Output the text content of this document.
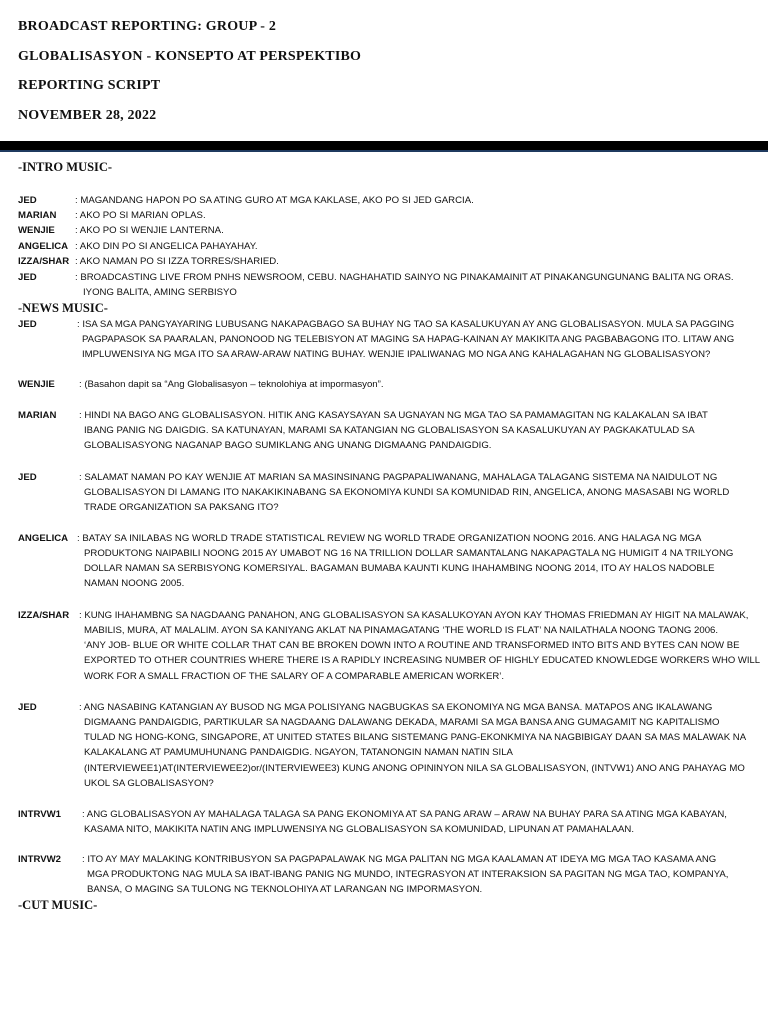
BROADCAST REPORTING: GROUP - 2
GLOBALISASYON - KONSEPTO AT PERSPEKTIBO
REPORTING SCRIPT
NOVEMBER 28, 2022
-INTRO MUSIC-
JED	: MAGANDANG HAPON PO SA ATING GURO AT MGA KAKLASE, AKO PO SI JED GARCIA.
MARIAN : AKO PO SI MARIAN OPLAS.
WENJIE : AKO PO SI WENJIE LANTERNA.
ANGELICA : AKO DIN PO SI ANGELICA PAHAYAHAY.
IZZA/SHAR : AKO NAMAN PO SI IZZA TORRES/SHARIED.
JED	: BROADCASTING LIVE FROM PNHS NEWSROOM, CEBU. NAGHAHATID SAINYO NG PINAKAMAINIT AT PINAKANGUNGUNANG BALITA NG ORAS.
IYONG BALITA, AMING SERBISYO
-NEWS MUSIC-
JED	: ISA SA MGA PANGYAYARING LUBUSANG NAKAPAGBAGO SA BUHAY NG TAO SA KASALUKUYAN AY ANG GLOBALISASYON. MULA SA PAGGING
PAGPAPASOK SA PAARALAN, PANONOOD NG TELEBISYON AT MAGING SA HAPAG-KAINAN AY MAKIKITA ANG PAGBABAGONG ITO. LITAW ANG
IMPLUWENSIYA NG MGA ITO SA ARAW-ARAW NATING BUHAY. WENJIE IPALIWANAG MO NGA ANG KAHALAGAHAN NG GLOBALISASYON?
WENJIE	: (Basahon dapit sa “Ang Globalisasyon – teknolohiya at impormasyon”.
MARIAN : HINDI NA BAGO ANG GLOBALISASYON. HITIK ANG KASAYSAYAN SA UGNAYAN NG MGA TAO SA PAMAMAGITAN NG KALAKALAN SA IBAT
IBANG PANIG NG DAIGDIG. SA KATUNAYAN, MARAMI SA KATANGIAN NG GLOBALISASYON SA KASALUKUYAN AY PAGKAKATULAD SA
GLOBALISASYONG NAGANAP BAGO SUMIKLANG ANG UNANG DIGMAANG PANDAIGDIG.
JED	: SALAMAT NAMAN PO KAY WENJIE AT MARIAN SA MASINSINANG PAGPAPALIWANANG, MAHALAGA TALAGANG SISTEMA NA NAIDULOT NG
GLOBALISASYON DI LAMANG ITO NAKAKIKINABANG SA EKONOMIYA KUNDI SA KOMUNIDAD RIN, ANGELICA, ANONG MASASABI NG WORLD
TRADE ORGANIZATION SA PAKSANG ITO?
ANGELICA : BATAY SA INILABAS NG WORLD TRADE STATISTICAL REVIEW NG WORLD TRADE ORGANIZATION NOONG 2016. ANG HALAGA NG MGA
PRODUKTONG NAIPABILI NOONG 2015 AY UMABOT NG 16 NA TRILLION DOLLAR SAMANTALANG NAKAPAGTALA NG HUMIGIT 4 NA TRILYONG
DOLLAR NAMAN SA SERBISYONG KOMERSIYAL. BAGAMAN BUMABA KAUNTI KUNG IHAHAMBING NOONG 2014, ITO AY HALOS NADOBLE
NAMAN NOONG 2005.
IZZA/SHAR : KUNG IHAHAMBNG SA NAGDAANG PANAHON, ANG GLOBALISASYON SA KASALUKOYAN AYON KAY THOMAS FRIEDMAN AY HIGIT NA MALAWAK,
MABILIS, MURA, AT MALALIM. AYON SA KANIYANG AKLAT NA PINAMAGATANG ‘THE WORLD IS FLAT’ NA NAILATHALA NOONG TAONG 2006.
‘ANY JOB- BLUE OR WHITE COLLAR THAT CAN BE BROKEN DOWN INTO A ROUTINE AND TRANSFORMED INTO BITS AND BYTES CAN NOW BE
EXPORTED TO OTHER COUNTRIES WHERE THERE IS A RAPIDLY INCREASING NUMBER OF HIGHLY EDUCATED KNOWLEDGE WORKERS WHO WILL
WORK FOR A SMALL FRACTION OF THE SALARY OF A COMPARABLE AMERICAN WORKER’.
JED	: ANG NASABING KATANGIAN AY BUSOD NG MGA POLISIYANG NAGBUGKAS SA EKONOMIYA NG MGA BANSA. MATAPOS ANG IKALAWANG
DIGMAANG PANDAIGDIG, PARTIKULAR SA NAGDAANG DALAWANG DEKADA, MARAMI SA MGA BANSA ANG GUMAGAMIT NG KAPITALISMO
TULAD NG HONG-KONG, SINGAPORE, AT UNITED STATES BILANG SISTEMANG PANG-EKONKMIYA NA NAGBIBIGAY DAAN SA MAS MALAWAK NA
KALAKALANG AT PAMUMUHUNANG PANDAIGDIG. NGAYON, TATANONGIN NAMAN NATIN SILA
(INTERVIEWEE1)AT(INTERVIEWEE2)or/(INTERVIEWEE3) KUNG ANONG OPININYON NILA SA GLOBALISASYON, (INTVW1) ANO ANG PAHAYAG MO
UKOL SA GLOBALISASYON?
INTRVW1 : ANG GLOBALISASYON AY MAHALAGA TALAGA SA PANG EKONOMIYA AT SA PANG ARAW – ARAW NA BUHAY PARA SA ATING MGA KABAYAN,
KASAMA NITO, MAKIKITA NATIN ANG IMPLUWENSIYA NG GLOBALISASYON SA KOMUNIDAD, LIPUNAN AT PAMAHALAAN.
INTRVW2 : ITO AY MAY MALAKING KONTRIBUSYON SA PAGPAPALAWAK NG MGA PALITAN NG MGA KAALAMAN AT IDEYA MG MGA TAO KASAMA ANG
MGA PRODUKTONG NAG MULA SA IBAT-IBANG PANIG NG MUNDO, INTEGRASYON AT INTERAKSION SA PAGITAN NG MGA TAO, KOMPANYA,
BANSA, O MAGING SA TULONG NG TEKNOLOHIYA AT LARANGAN NG IMPORMASYON.
-CUT MUSIC-
